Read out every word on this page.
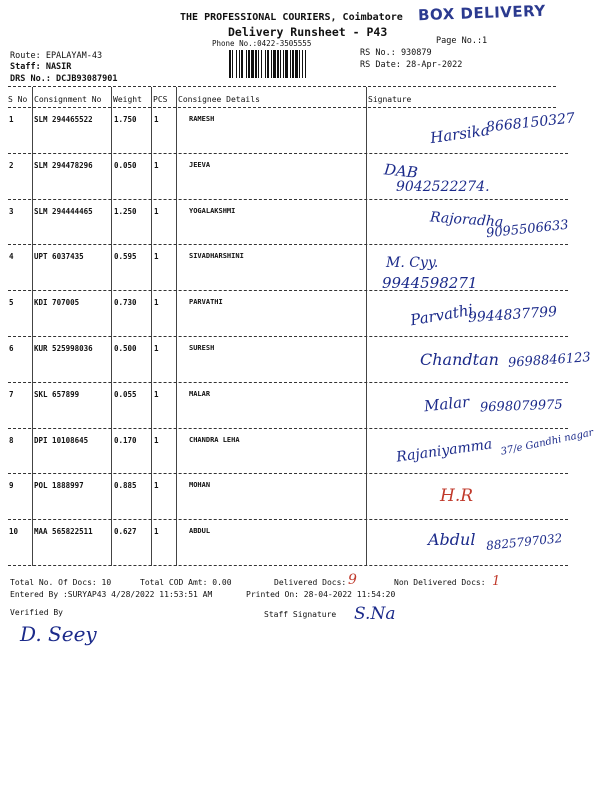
THE PROFESSIONAL COURIERS, Coimbatore
Delivery Runsheet - P43
Phone No.:0422-3505555
BOX DELIVERY
Page No.:1
Route: EPALAYAM-43
Staff: NASIR
DRS No.: DCJB93087901
RS No.: 930879
RS Date: 28-Apr-2022
S No Consignment No Weight PCS Consignee Details	Signature
1	SLM 294465522	1.750 1	RAMESH
Harsika
8668150327
2	SLM 294478296	0.050 1	JEEVA	DAB
9042522274.
3	SLM 294444465	1.250 1	YOGALAKSHMI	Rajoradha
9095506633
4	UPT 6037435	0.595 1	SIVADHARSHINI	M. Cyy.
9944598271
5	KDI 707005	0.730 1	PARVATHI	Parvathi
9944837799
6	KUR 525998036	0.500 1	SURESH
Chandtan 9698846123
7	SKL 657899	0.055 1	MALAR	Malar 9698079975
8	DPI 10108645	0.170 1	CHANDRA LEHA	Rajaniyamma 37/e Gandhi nagar
9	POL 1888997	0.885 1	MOHAN
H.R
10 MAA 565822511	0.627 1	ABDUL	Abdul 8825797032
Total No. Of Docs: 10	Total COD Amt: 0.00	Delivered Docs: 9	Non Delivered Docs: 1
Entered By :SURYAP43 4/28/2022 11:53:51 AM	Printed On: 28-04-2022 11:54:20
Verified By	Staff Signature
D. Seey
S.Na
